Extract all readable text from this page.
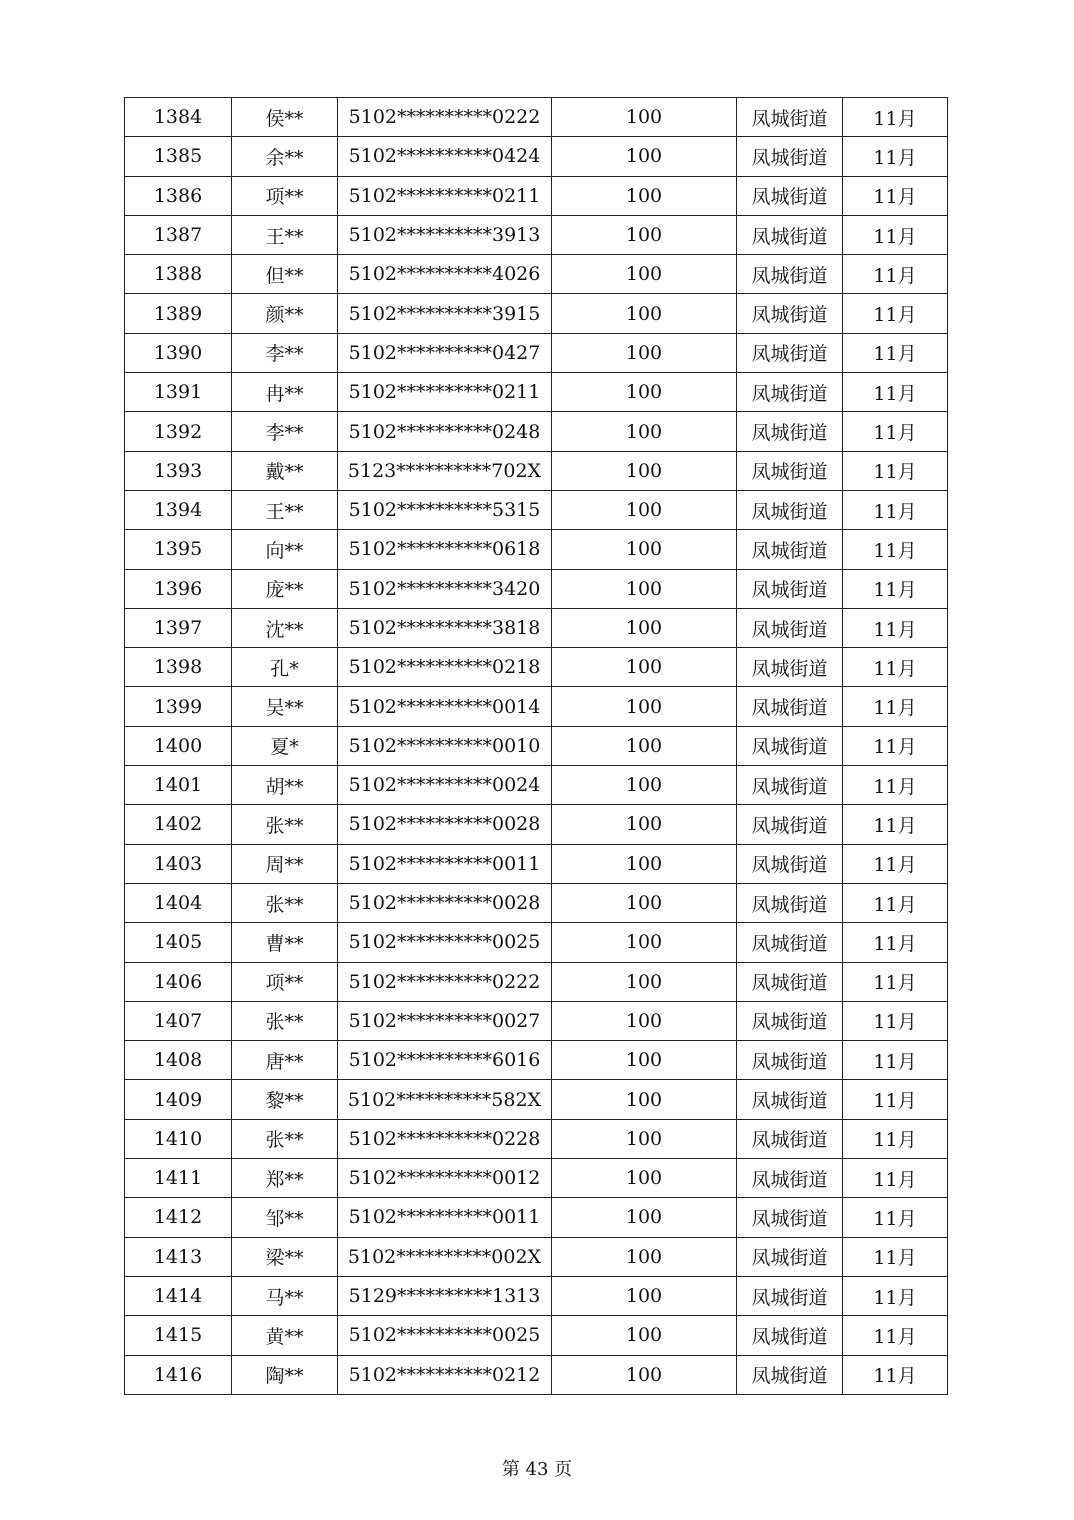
1384	侯**	5102**********0222	100	凤城街道	11月
1385	余**	5102**********0424	100	凤城街道	11月
1386	项**	5102**********0211	100	凤城街道	11月
1387	王**	5102**********3913	100	凤城街道	11月
1388	但**	5102**********4026	100	凤城街道	11月
1389	颜**	5102**********3915	100	凤城街道	11月
1390	李**	5102**********0427	100	凤城街道	11月
1391	冉**	5102**********0211	100	凤城街道	11月
1392	李**	5102**********0248	100	凤城街道	11月
1393	戴**	5123**********702X	100	凤城街道	11月
1394	王**	5102**********5315	100	凤城街道	11月
1395	向**	5102**********0618	100	凤城街道	11月
1396	庞**	5102**********3420	100	凤城街道	11月
1397	沈**	5102**********3818	100	凤城街道	11月
1398	孔*	5102**********0218	100	凤城街道	11月
1399	吴**	5102**********0014	100	凤城街道	11月
1400	夏*	5102**********0010	100	凤城街道	11月
1401	胡**	5102**********0024	100	凤城街道	11月
1402	张**	5102**********0028	100	凤城街道	11月
1403	周**	5102**********0011	100	凤城街道	11月
1404	张**	5102**********0028	100	凤城街道	11月
1405	曹**	5102**********0025	100	凤城街道	11月
1406	项**	5102**********0222	100	凤城街道	11月
1407	张**	5102**********0027	100	凤城街道	11月
1408	唐**	5102**********6016	100	凤城街道	11月
1409	黎**	5102**********582X	100	凤城街道	11月
1410	张**	5102**********0228	100	凤城街道	11月
1411	郑**	5102**********0012	100	凤城街道	11月
1412	邹**	5102**********0011	100	凤城街道	11月
1413	梁**	5102**********002X	100	凤城街道	11月
1414	马**	5129**********1313	100	凤城街道	11月
1415	黄**	5102**********0025	100	凤城街道	11月
1416	陶**	5102**********0212	100	凤城街道	11月
第 43 页
